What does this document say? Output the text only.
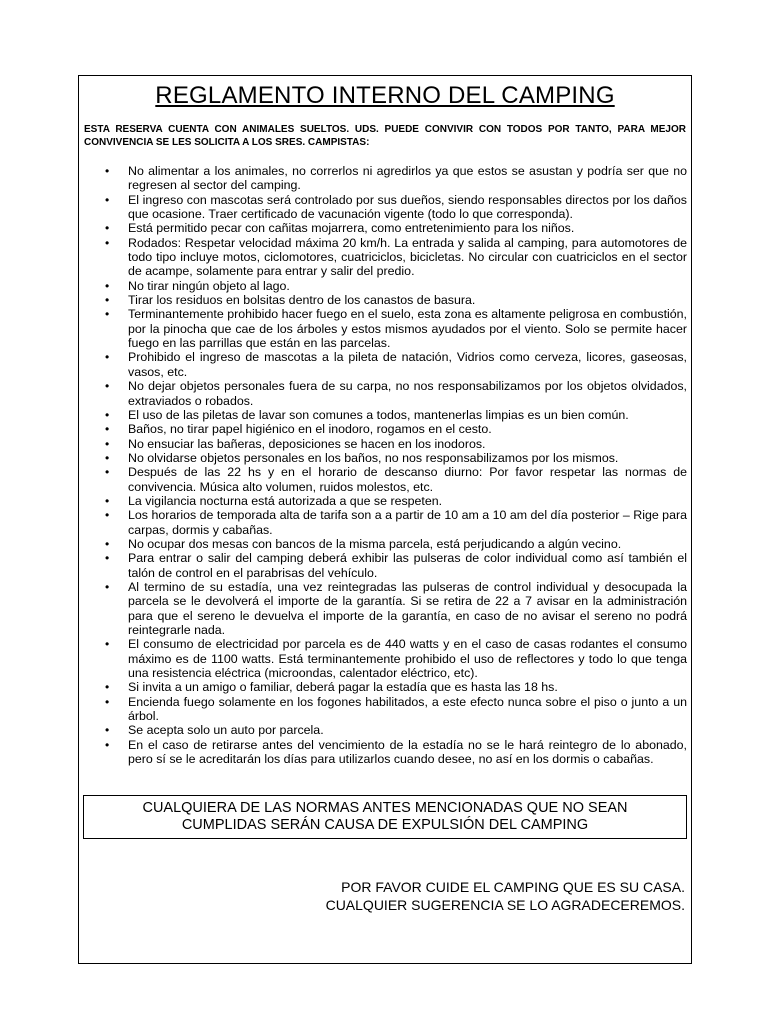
REGLAMENTO INTERNO DEL CAMPING
ESTA RESERVA CUENTA CON ANIMALES SUELTOS. UDS. PUEDE CONVIVIR CON TODOS POR TANTO, PARA MEJOR CONVIVENCIA SE LES SOLICITA A LOS SRES. CAMPISTAS:
• No alimentar a los animales, no correrlos ni agredirlos ya que estos se asustan y podría ser que no regresen al sector del camping.
• El ingreso con mascotas será controlado por sus dueños, siendo responsables directos por los daños que ocasione. Traer certificado de vacunación vigente (todo lo que corresponda).
• Está permitido pecar con cañitas mojarrera, como entretenimiento para los niños.
• Rodados: Respetar velocidad máxima 20 km/h. La entrada y salida al camping, para automotores de todo tipo incluye motos, ciclomotores, cuatriciclos, bicicletas. No circular con cuatriciclos en el sector de acampe, solamente para entrar y salir del predio.
• No tirar ningún objeto al lago.
• Tirar los residuos en bolsitas dentro de los canastos de basura.
• Terminantemente prohibido hacer fuego en el suelo, esta zona es altamente peligrosa en combustión, por la pinocha que cae de los árboles y estos mismos ayudados por el viento. Solo se permite hacer fuego en las parrillas que están en las parcelas.
• Prohibido el ingreso de mascotas a la pileta de natación, Vidrios como cerveza, licores, gaseosas, vasos, etc.
• No dejar objetos personales fuera de su carpa, no nos responsabilizamos por los objetos olvidados, extraviados o robados.
• El uso de las piletas de lavar son comunes a todos, mantenerlas limpias es un bien común.
• Baños, no tirar papel higiénico en el inodoro, rogamos en el cesto.
• No ensuciar las bañeras, deposiciones se hacen en los inodoros.
• No olvidarse objetos personales en los baños, no nos responsabilizamos por los mismos.
• Después de las 22 hs y en el horario de descanso diurno: Por favor respetar las normas de convivencia. Música alto volumen, ruidos molestos, etc.
• La vigilancia nocturna está autorizada a que se respeten.
• Los horarios de temporada alta de tarifa son a a partir de 10 am a 10 am del día posterior – Rige para carpas, dormis y cabañas.
• No ocupar dos mesas con bancos de la misma parcela, está perjudicando a algún vecino.
• Para entrar o salir del camping deberá exhibir las pulseras de color individual como así también el talón de control en el parabrisas del vehículo.
• Al termino de su estadía, una vez reintegradas las pulseras de control individual y desocupada la parcela se le devolverá el importe de la garantía. Si se retira de 22 a 7 avisar en la administración para que el sereno le devuelva el importe de la garantía, en caso de no avisar el sereno no podrá reintegrarle nada.
• El consumo de electricidad por parcela es de 440 watts y en el caso de casas rodantes el consumo máximo es de 1100 watts. Está terminantemente prohibido el uso de reflectores y todo lo que tenga una resistencia eléctrica (microondas, calentador eléctrico, etc).
• Si invita a un amigo o familiar, deberá pagar la estadía que es hasta las 18 hs.
• Encienda fuego solamente en los fogones habilitados, a este efecto nunca sobre el piso o junto a un árbol.
• Se acepta solo un auto por parcela.
• En el caso de retirarse antes del vencimiento de la estadía no se le hará reintegro de lo abonado, pero sí se le acreditarán los días para utilizarlos cuando desee, no así en los dormis o cabañas.
CUALQUIERA DE LAS NORMAS ANTES MENCIONADAS QUE NO SEAN
CUMPLIDAS SERÁN CAUSA DE EXPULSIÓN DEL CAMPING
POR FAVOR CUIDE EL CAMPING QUE ES SU CASA.
CUALQUIER SUGERENCIA SE LO AGRADECEREMOS.
